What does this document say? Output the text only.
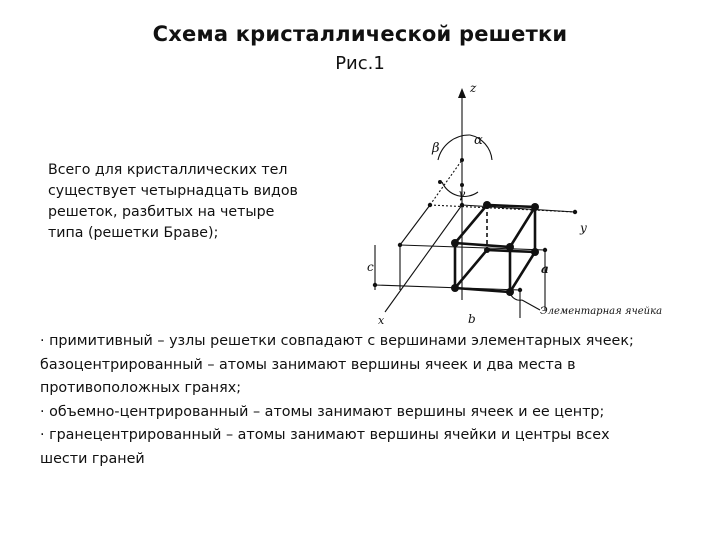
Схема кристаллической решетки
Рис.1
Всего для кристаллических тел
существует четырнадцать видов
решеток, разбитых на четыре
типа (решетки Браве);
z
y
x
α
β
γ
a
b
c
Элементарная ячейка
· примитивный – узлы решетки совпадают с вершинами элементарных ячеек;
базоцентрированный – атомы занимают вершины ячеек и два места в
противоположных гранях;
· объемно-центрированный – атомы занимают вершины ячеек и ее центр;
· гранецентрированный – атомы занимают вершины ячейки и центры всех
шести граней
